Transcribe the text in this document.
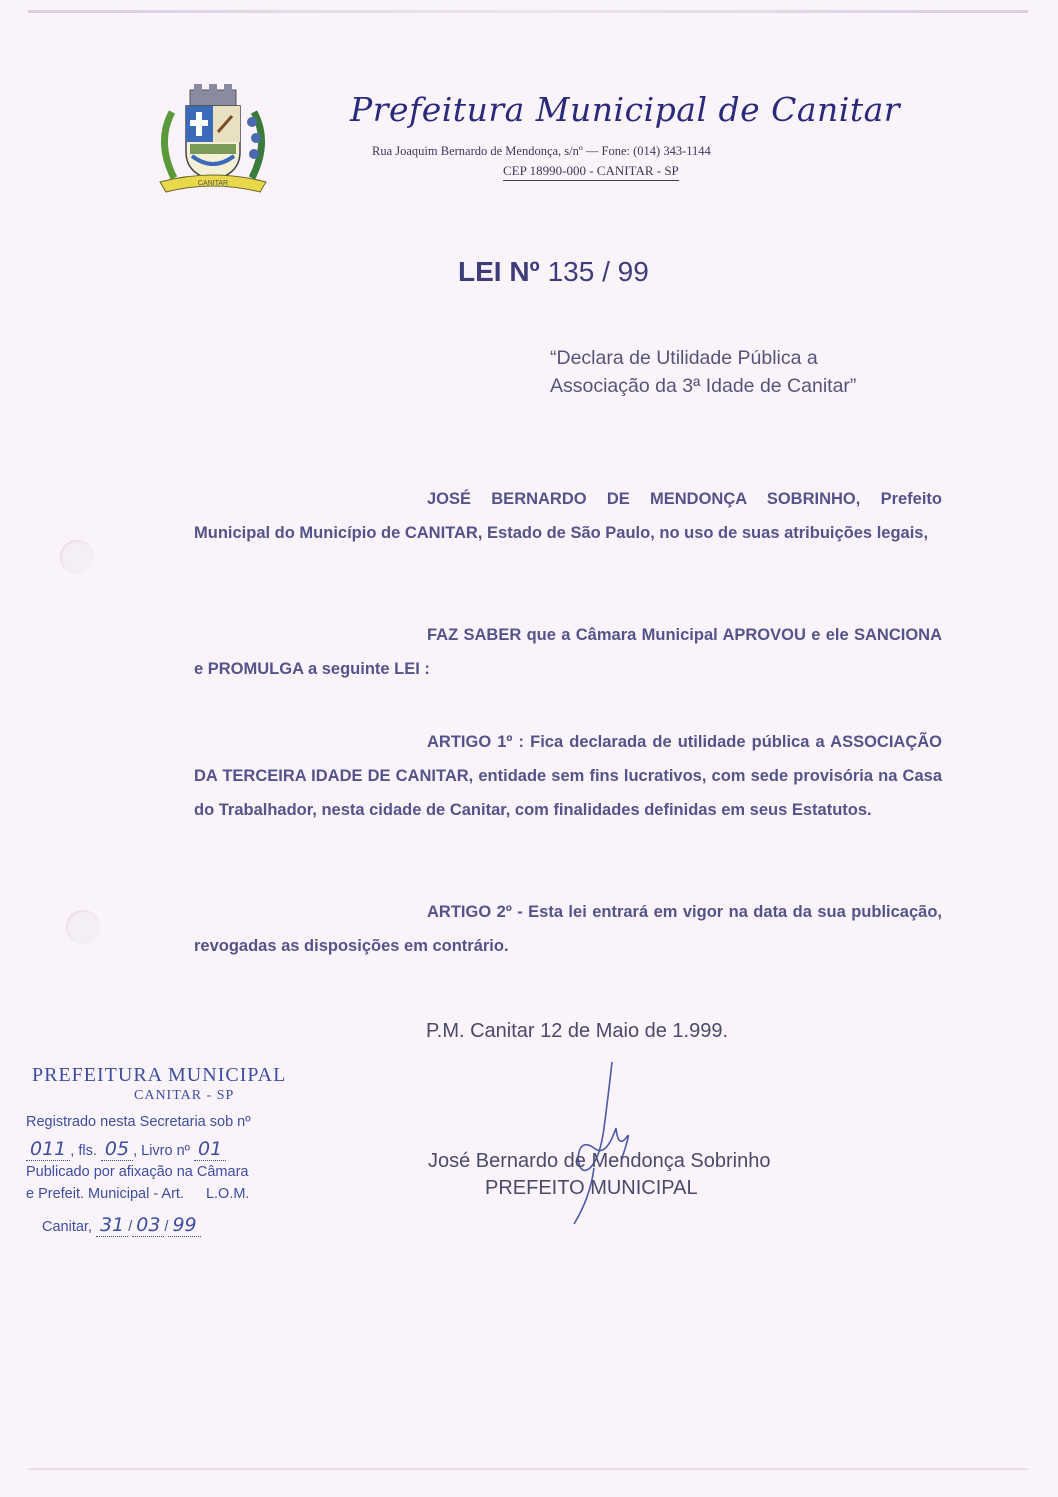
CANITAR
Prefeitura Municipal de Canitar
Rua Joaquim Bernardo de Mendonça, s/nº — Fone: (014) 343-1144
CEP 18990-000 - CANITAR - SP
LEI Nº 135 / 99
“Declara de Utilidade Pública a
Associação da 3ª Idade de Canitar”
JOSÉ BERNARDO DE MENDONÇA SOBRINHO, Prefeito Municipal do Município de CANITAR, Estado de São Paulo, no uso de suas atribuições legais,
FAZ SABER que a Câmara Municipal APROVOU e ele SANCIONA e PROMULGA a seguinte LEI :
ARTIGO 1º : Fica declarada de utilidade pública a ASSOCIAÇÃO DA TERCEIRA IDADE DE CANITAR, entidade sem fins lucrativos, com sede provisória na Casa do Trabalhador, nesta cidade de Canitar, com finalidades definidas em seus Estatutos.
ARTIGO 2º - Esta lei entrará em vigor na data da sua publicação, revogadas as disposições em contrário.
P.M. Canitar 12 de Maio de 1.999.
José Bernardo de Mendonça Sobrinho
PREFEITO MUNICIPAL
PREFEITURA MUNICIPAL
CANITAR - SP
Registrado nesta Secretaria sob nº
011 , fls. 05 , Livro nº 01
Publicado por afixação na Câmara
e Prefeit. Municipal - Art. L.O.M.
Canitar, 31 / 03 / 99
